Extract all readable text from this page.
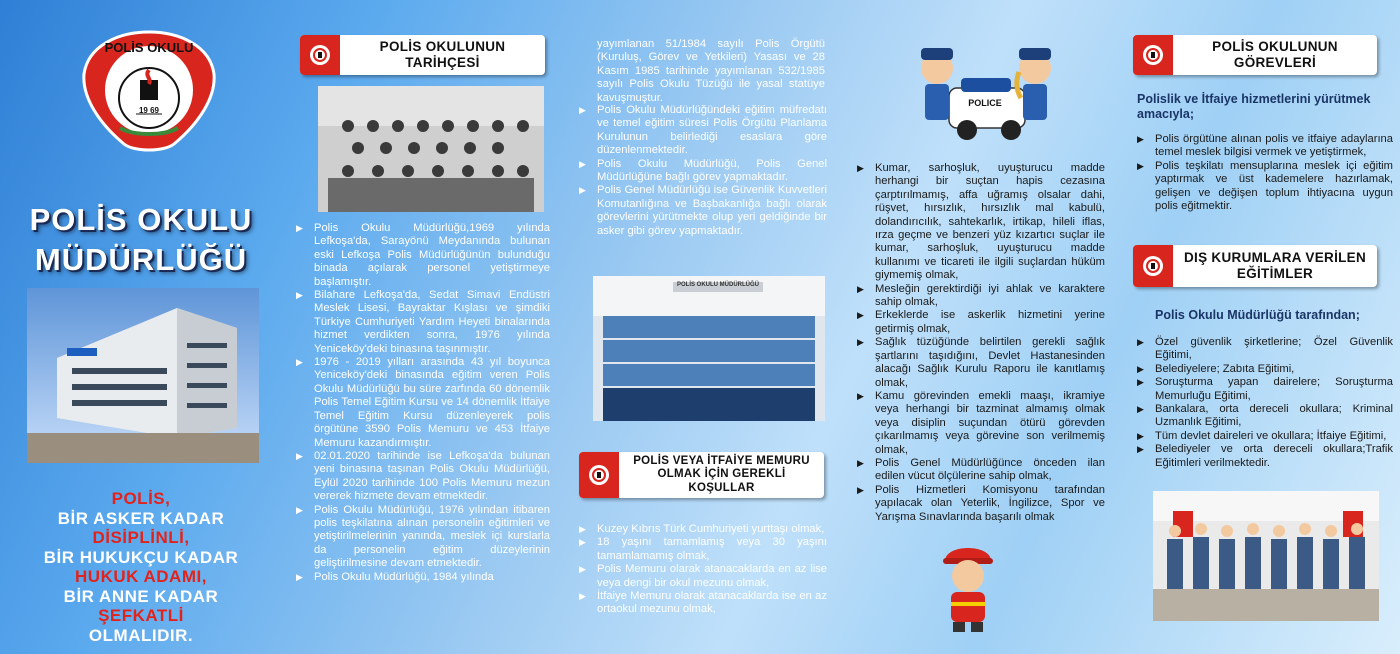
POLİS OKULU
19 69
POLİS OKULU
MÜDÜRLÜĞÜ
POLİS,
BİR ASKER KADAR
DİSİPLİNLİ,
BİR HUKUKÇU KADAR
HUKUK ADAMI,
BİR ANNE KADAR
ŞEFKATLİ
OLMALIDIR.
POLİS OKULUNUN TARİHÇESİ
▶ Polis Okulu Müdürlüğü,1969 yılında Lefkoşa'da, Sarayönü Meydanında bulunan eski Lefkoşa Polis Müdürlüğünün bulunduğu binada açılarak personel yetiştirmeye başlamıştır.
▶ Bilahare Lefkoşa'da, Sedat Simavi Endüstri Meslek Lisesi, Bayraktar Kışlası ve şimdiki Türkiye Cumhuriyeti Yardım Heyeti binalarında hizmet verdikten sonra, 1976 yılında Yeniceköy'deki binasına taşınmıştır.
▶ 1976 - 2019 yılları arasında 43 yıl boyunca Yeniceköy'deki binasında eğitim veren Polis Okulu Müdürlüğü bu süre zarfında 60 dönemlik Polis Temel Eğitim Kursu ve 14 dönemlik İtfaiye Temel Eğitim Kursu düzenleyerek polis örgütüne 3590 Polis Memuru ve 453 İtfaiye Memuru kazandırmıştır.
▶ 02.01.2020 tarihinde ise Lefkoşa'da bulunan yeni binasına taşınan Polis Okulu Müdürlüğü, Eylül 2020 tarihinde 100 Polis Memuru mezun vererek hizmete devam etmektedir.
▶ Polis Okulu Müdürlüğü, 1976 yılından itibaren polis teşkilatına alınan personelin eğitimleri ve yetiştirilmelerinin yanında, meslek içi kurslarla da personelin eğitim düzeylerinin geliştirilmesine devam etmektedir.
▶ Polis Okulu Müdürlüğü, 1984 yılında
yayımlanan 51/1984 sayılı Polis Örgütü (Kuruluş, Görev ve Yetkileri) Yasası ve 28 Kasım 1985 tarihinde yayımlanan 532/1985 sayılı Polis Okulu Tüzüğü ile yasal statüye kavuşmuştur.
▶ Polis Okulu Müdürlüğündeki eğitim müfredatı ve temel eğitim süresi Polis Örgütü Planlama Kurulunun belirlediği esaslara göre düzenlenmektedir.
▶ Polis Okulu Müdürlüğü, Polis Genel Müdürlüğüne bağlı görev yapmaktadır.
▶ Polis Genel Müdürlüğü ise Güvenlik Kuvvetleri Komutanlığına ve Başbakanlığa bağlı olarak görevlerini yürütmekte olup yeri geldiğinde bir asker gibi görev yapmaktadır.
POLİS OKULU MÜDÜRLÜĞÜ
POLİS VEYA İTFAİYE MEMURU OLMAK İÇİN GEREKLİ KOŞULLAR
▶ Kuzey Kıbrıs Türk Cumhuriyeti yurttaşı olmak,
▶ 18 yaşını tamamlamış veya 30 yaşını tamamlamamış olmak,
▶ Polis Memuru olarak atanacaklarda en az lise veya dengi bir okul mezunu olmak,
▶ İtfaiye Memuru olarak atanacaklarda ise en az ortaokul mezunu olmak,
POLICE
▶ Kumar, sarhoşluk, uyuşturucu madde herhangi bir suçtan hapis cezasına çarptırılmamış, affa uğramış olsalar dahi, rüşvet, hırsızlık, hırsızlık mal kabulü, dolandırıcılık, sahtekarlık, irtikap, hileli iflas, ırza geçme ve benzeri yüz kızartıcı suçlar ile kumar, sarhoşluk, uyuşturucu madde kullanımı ve ticareti ile ilgili suçlardan hüküm giymemiş olmak,
▶ Mesleğin gerektirdiği iyi ahlak ve karaktere sahip olmak,
▶ Erkeklerde ise askerlik hizmetini yerine getirmiş olmak,
▶ Sağlık tüzüğünde belirtilen gerekli sağlık şartlarını taşıdığını, Devlet Hastanesinden alacağı Sağlık Kurulu Raporu ile kanıtlamış olmak,
▶ Kamu görevinden emekli maaşı, ikramiye veya herhangi bir tazminat almamış olmak veya disiplin suçundan ötürü görevden çıkarılmamış veya görevine son verilmemiş olmak,
▶ Polis Genel Müdürlüğünce önceden ilan edilen vücut ölçülerine sahip olmak,
▶ Polis Hizmetleri Komisyonu tarafından yapılacak olan Yeterlik, İngilizce, Spor ve Yarışma Sınavlarında başarılı olmak
POLİS OKULUNUN GÖREVLERİ
Polislik ve İtfaiye hizmetlerini yürütmek amacıyla;
▶ Polis örgütüne alınan polis ve itfaiye adaylarına temel meslek bilgisi vermek ve yetiştirmek,
▶ Polis teşkilatı mensuplarına meslek içi eğitim yaptırmak ve üst kademelere hazırlamak, gelişen ve değişen toplum ihtiyacına uygun polis eğitmektir.
DIŞ KURUMLARA VERİLEN EĞİTİMLER
Polis Okulu Müdürlüğü tarafından;
▶ Özel güvenlik şirketlerine; Özel Güvenlik Eğitimi,
▶ Belediyelere; Zabıta Eğitimi,
▶ Soruşturma yapan dairelere; Soruşturma Memurluğu Eğitimi,
▶ Bankalara, orta dereceli okullara; Kriminal Uzmanlık Eğitimi,
▶ Tüm devlet daireleri ve okullara; İtfaiye Eğitimi,
▶ Belediyeler ve orta dereceli okullara;Trafik Eğitimleri verilmektedir.
